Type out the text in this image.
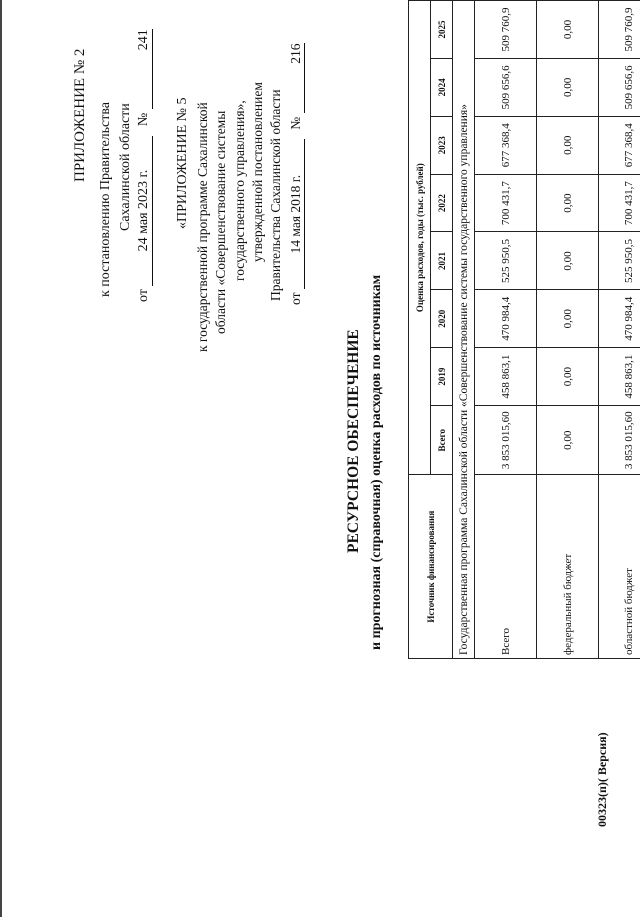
ПРИЛОЖЕНИЕ № 2 к постановлению Правительства Сахалинской области
от 24 мая 2023 г. № 241
«ПРИЛОЖЕНИЕ № 5 к государственной программе Сахалинской области «Совершенствование системы государственного управления», утвержденной постановлением Правительства Сахалинской области от 14 мая 2018 г. № 216
РЕСУРСНОЕ ОБЕСПЕЧЕНИЕ и прогнозная (справочная) оценка расходов по источникам	Источник финансирования	Оценка расходов, годы (тыс. рублей)							
	Всего	2019	2020	2021	2022	2023	2024	2025
Государственная программа Сахалинской области «Совершенствование системы государственного управления»								
Всего	3 853 015,60	458 863,1	470 984,4	525 950,5	700 431,7	677 368,4	509 656,6	509 760,9
федеральный бюджет	0,00	0,00	0,00	0,00	0,00	0,00	0,00	0,00
областной бюджет	3 853 015,60	458 863,1	470 984,4	525 950,5	700 431,7	677 368,4	509 656,6	509 760,9
00323(п)( Версия)
